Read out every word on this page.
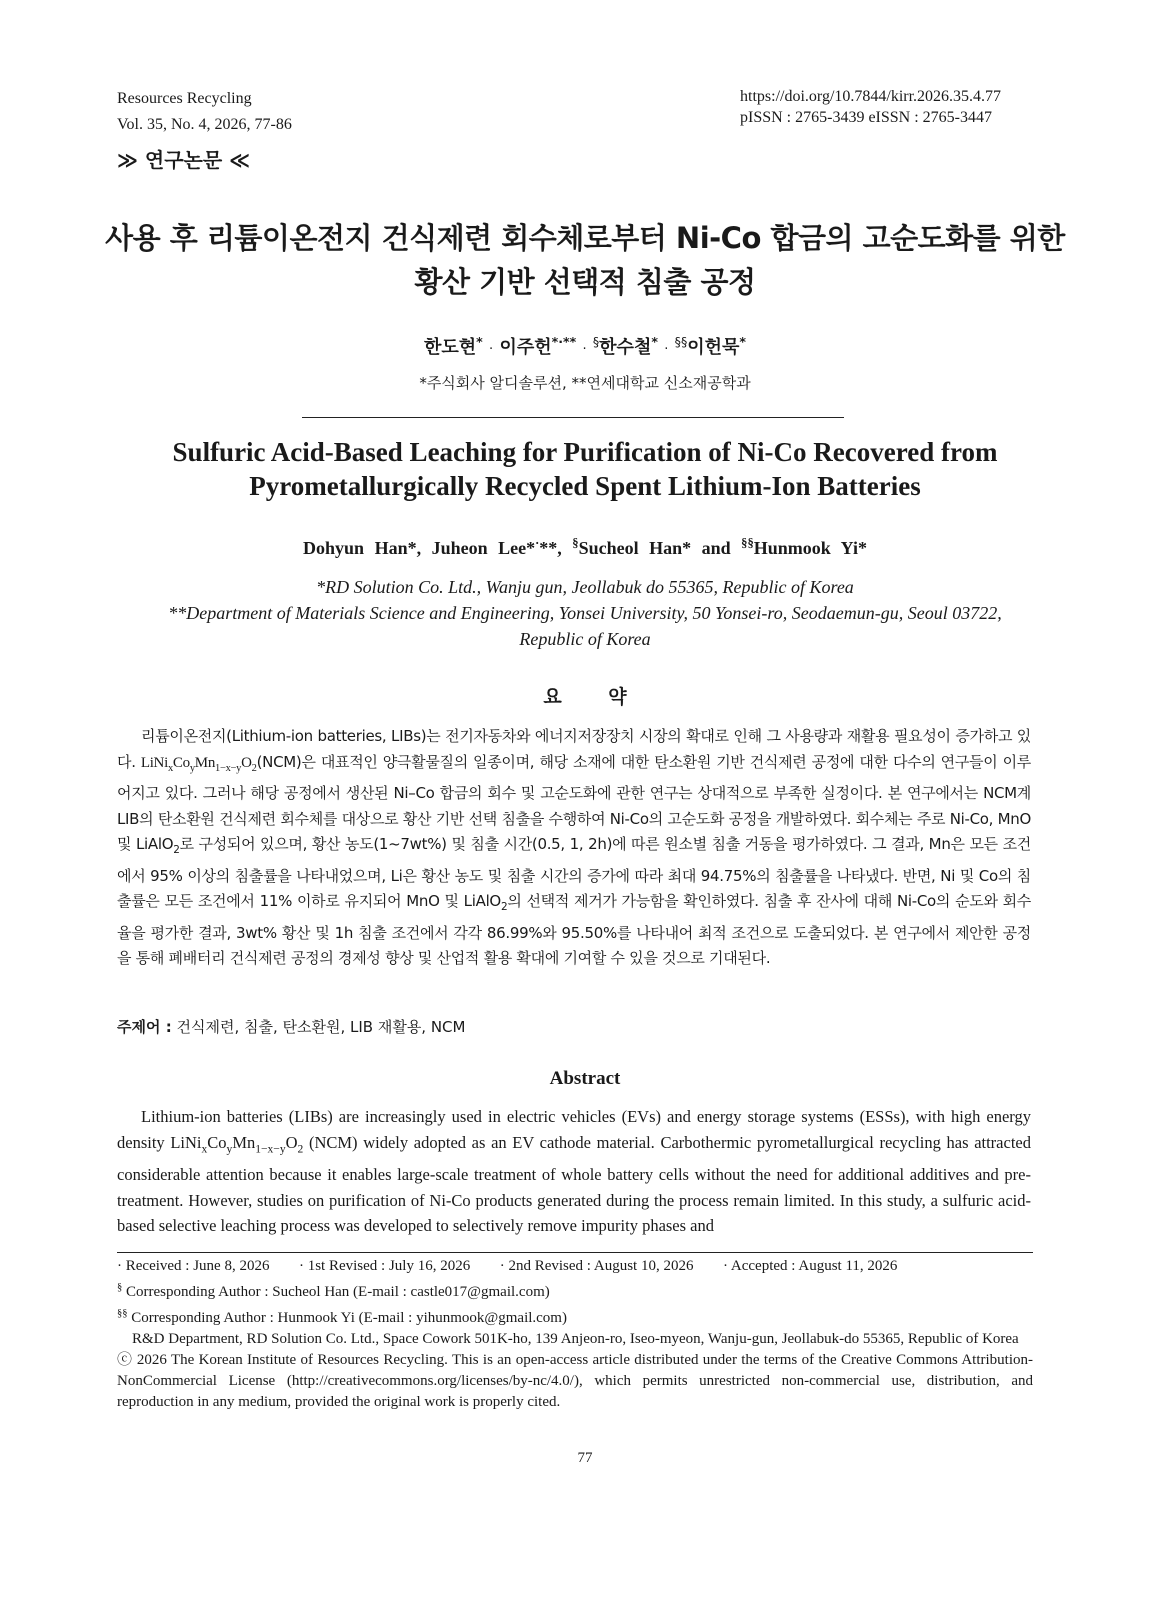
Resources Recycling
Vol. 35, No. 4, 2026, 77-86
https://doi.org/10.7844/kirr.2026.35.4.77
pISSN : 2765-3439 eISSN : 2765-3447
≫ 연구논문 ≪
사용 후 리튬이온전지 건식제련 회수체로부터 Ni-Co 합금의 고순도화를 위한
황산 기반 선택적 침출 공정
한도현* · 이주헌*·** · §한수철* · §§이헌묵*
*주식회사 알디솔루션, **연세대학교 신소재공학과
Sulfuric Acid-Based Leaching for Purification of Ni-Co Recovered from
Pyrometallurgically Recycled Spent Lithium-Ion Batteries
Dohyun Han*, Juheon Lee*·**, §Sucheol Han* and §§Hunmook Yi*
*RD Solution Co. Ltd., Wanju gun, Jeollabuk do 55365, Republic of Korea
**Department of Materials Science and Engineering, Yonsei University, 50 Yonsei-ro, Seodaemun-gu, Seoul 03722,
Republic of Korea
요 약
리튬이온전지(Lithium-ion batteries, LIBs)는 전기자동차와 에너지저장장치 시장의 확대로 인해 그 사용량과 재활용 필요성이 증가하고 있다. $LiNi_xCo_yMn_{1-x-y}O_2(NCM)$은 대표적인 양극활물질의 일종이며, 해당 소재에 대한 탄소환원 기반 건식제련 공정에 대한 다수의 연구들이 이루어지고 있다. 그러나 해당 공정에서 생산된 Ni–Co 합금의 회수 및 고순도화에 관한 연구는 상대적으로 부족한 실정이다. 본 연구에서는 NCM계 LIB의 탄소환원 건식제련 회수체를 대상으로 황산 기반 선택 침출을 수행하여 Ni-Co의 고순도화 공정을 개발하였다. 회수체는 주로 Ni-Co, MnO 및 LiAlO$_2$로 구성되어 있으며, 황산 농도(1~7wt%) 및 침출 시간(0.5, 1, 2h)에 따른 원소별 침출 거동을 평가하였다. 그 결과, Mn은 모든 조건에서 95% 이상의 침출률을 나타내었으며, Li은 황산 농도 및 침출 시간의 증가에 따라 최대 94.75%의 침출률을 나타냈다. 반면, Ni 및 Co의 침출률은 모든 조건에서 11% 이하로 유지되어 MnO 및 LiAlO$_2$의 선택적 제거가 가능함을 확인하였다. 침출 후 잔사에 대해 Ni-Co의 순도와 회수율을 평가한 결과, 3wt% 황산 및 1h 침출 조건에서 각각 86.99%와 95.50%를 나타내어 최적 조건으로 도출되었다. 본 연구에서 제안한 공정을 통해 폐배터리 건식제련 공정의 경제성 향상 및 산업적 활용 확대에 기여할 수 있을 것으로 기대된다.
주제어 : 건식제련, 침출, 탄소환원, LIB 재활용, NCM
Abstract
Lithium-ion batteries (LIBs) are increasingly used in electric vehicles (EVs) and energy storage systems (ESSs), with high energy density $LiNi_xCo_yMn_{1-x-y}O_2$ (NCM) widely adopted as an EV cathode material. Carbothermic pyrometallurgical recycling has attracted considerable attention because it enables large-scale treatment of whole battery cells without the need for additional additives and pre-treatment. However, studies on purification of Ni-Co products generated during the process remain limited. In this study, a sulfuric acid-based selective leaching process was developed to selectively remove impurity phases and
· Received : June 8, 2026 · 1st Revised : July 16, 2026 · 2nd Revised : August 10, 2026 · Accepted : August 11, 2026
§ Corresponding Author : Sucheol Han (E-mail : castle017@gmail.com)
§§ Corresponding Author : Hunmook Yi (E-mail : yihunmook@gmail.com)
R&D Department, RD Solution Co. Ltd., Space Cowork 501K-ho, 139 Anjeon-ro, Iseo-myeon, Wanju-gun, Jeollabuk-do 55365, Republic of Korea
ⓒ 2026 The Korean Institute of Resources Recycling. This is an open-access article distributed under the terms of the Creative Commons Attribution-NonCommercial License (http://creativecommons.org/licenses/by-nc/4.0/), which permits unrestricted non-commercial use, distribution, and reproduction in any medium, provided the original work is properly cited.
77
